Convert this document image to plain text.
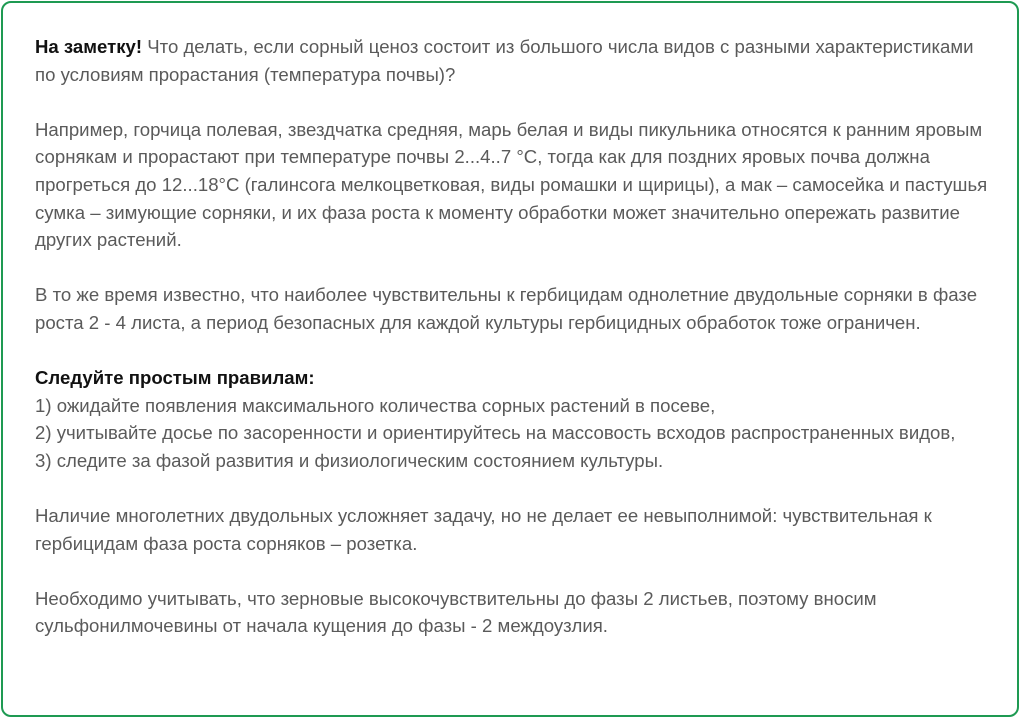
На заметку! Что делать, если сорный ценоз состоит из большого числа видов с разными характеристиками по условиям прорастания (температура почвы)?

Например, горчица полевая, звездчатка средняя, марь белая и виды пикульника относятся к ранним яровым сорнякам и прорастают при температуре почвы 2...4..7 °С, тогда как для поздних яровых почва должна прогреться до 12...18°С (галинсога мелкоцветковая, виды ромашки и щирицы), а мак – самосейка и пастушья сумка – зимующие сорняки, и их фаза роста к моменту обработки может значительно опережать развитие других растений.

В то же время известно, что наиболее чувствительны к гербицидам однолетние двудольные сорняки в фазе роста 2 - 4 листа, а период безопасных для каждой культуры гербицидных обработок тоже ограничен.

Следуйте простым правилам:
1) ожидайте появления максимального количества сорных растений в посеве,
2) учитывайте досье по засоренности и ориентируйтесь на массовость всходов распространенных видов,
3) следите за фазой развития и физиологическим состоянием культуры.

Наличие многолетних двудольных усложняет задачу, но не делает ее невыполнимой: чувствительная к гербицидам фаза роста сорняков – розетка.

Необходимо учитывать, что зерновые высокочувствительны до фазы 2 листьев, поэтому вносим сульфонилмочевины от начала кущения до фазы - 2 междоузлия.
